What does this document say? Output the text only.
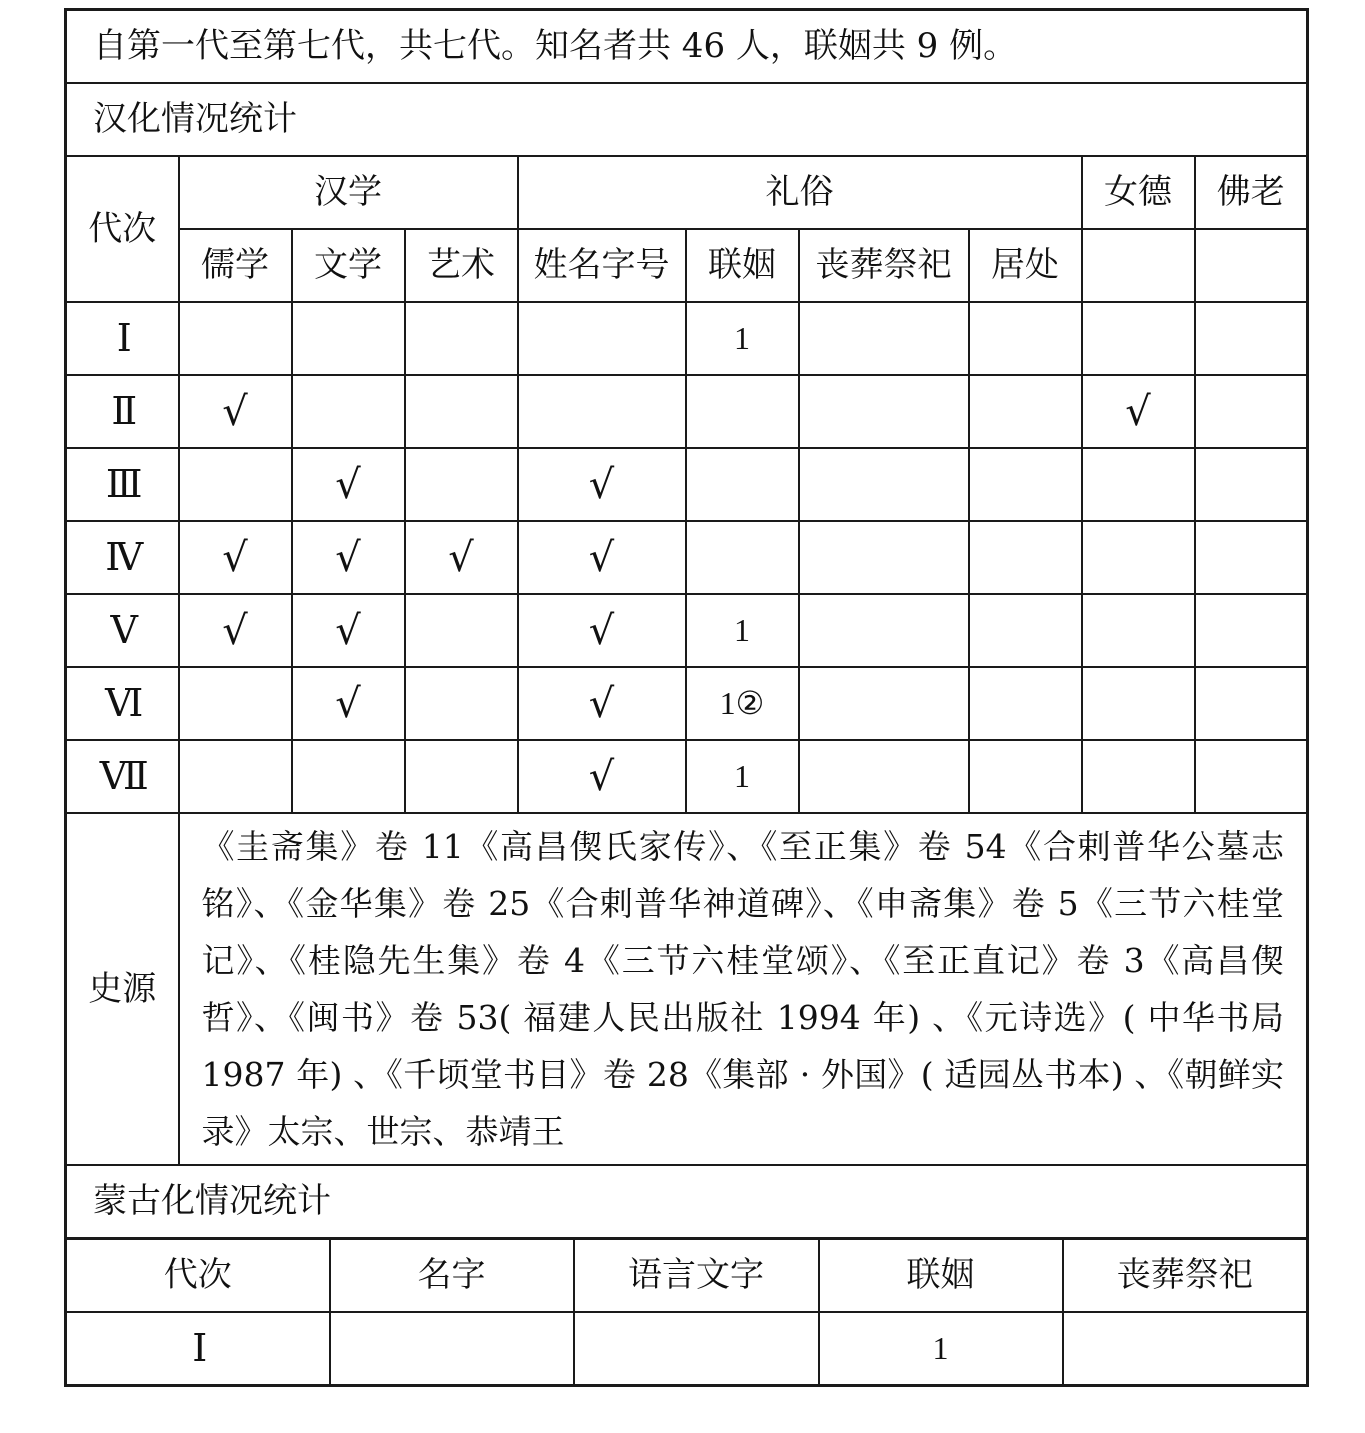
自第一代至第七代，共七代。知名者共 46 人，联姻共 9 例。									
汉化情况统计									
代次	汉学			礼俗				女德	佛老
	儒学	文学	艺术	姓名字号	联姻	丧葬祭祀	居处		
Ⅰ					1				
Ⅱ	√							√	
Ⅲ		√		√					
Ⅳ	√	√	√	√					
Ⅴ	√	√		√	1				
Ⅵ		√		√	1②				
Ⅶ				√	1				
史源	《圭斋集》卷 11《高昌偰氏家传》、《至正集》卷 54《合剌普华公墓志铭》、《金华集》卷 25《合剌普华神道碑》、《申斋集》卷 5《三节六桂堂记》、《桂隐先生集》卷 4《三节六桂堂颂》、《至正直记》卷 3《高昌偰哲》、《闽书》卷 53( 福建人民出版社 1994 年) 、《元诗选》( 中华书局 1987 年) 、《千顷堂书目》卷 28《集部 · 外国》( 适园丛书本) 、《朝鲜实录》太宗、世宗、恭靖王								
蒙古化情况统计									
代次	名字	语言文字	联姻	丧葬祭祀
Ⅰ			1	
